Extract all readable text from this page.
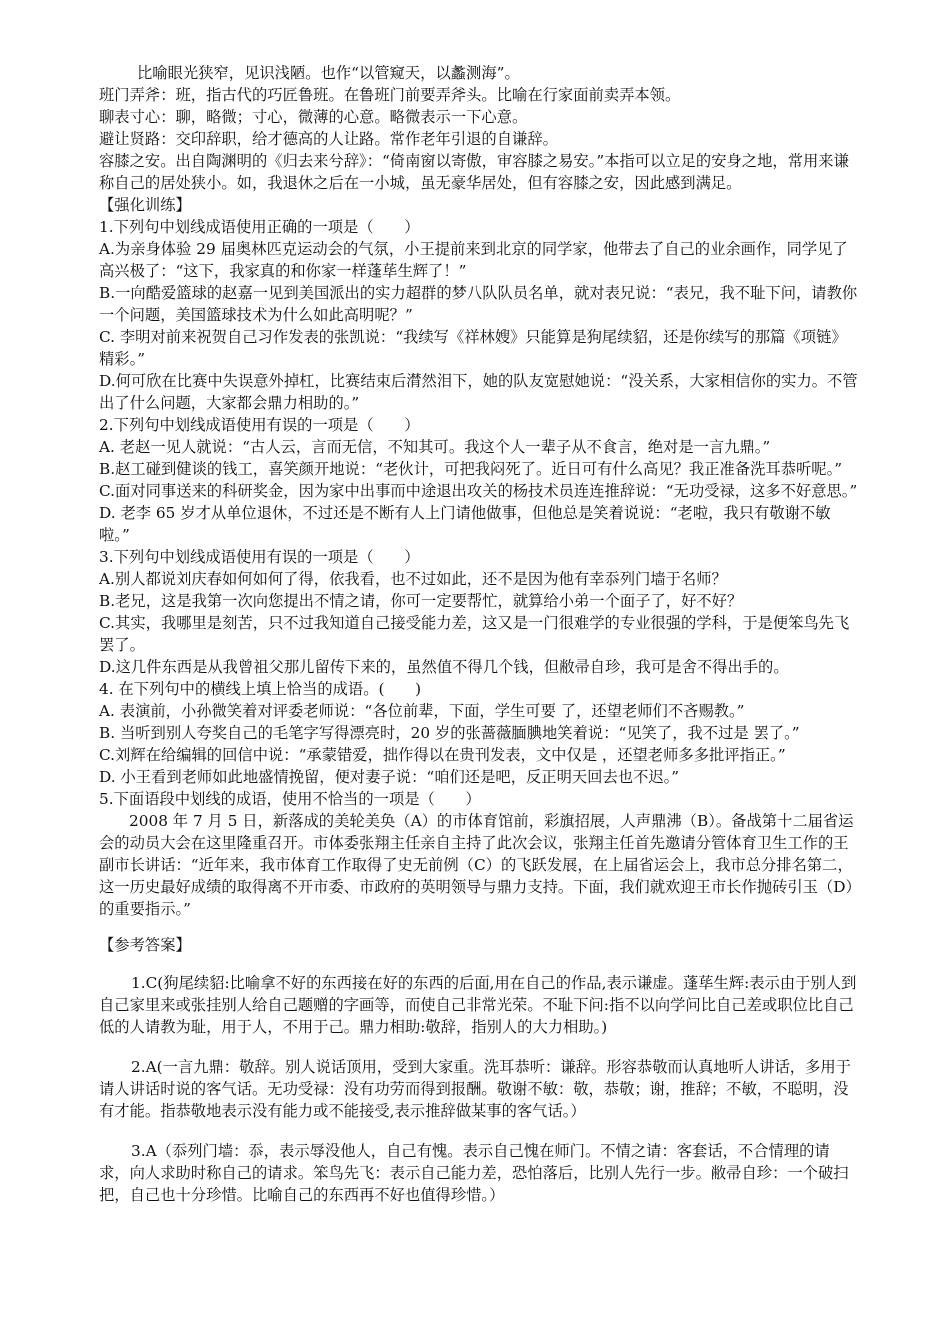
比喻眼光狭窄，见识浅陋。也作“以管窥天，以蠡测海”。

班门弄斧：班，指古代的巧匠鲁班。在鲁班门前要弄斧头。比喻在行家面前卖弄本领。

聊表寸心：聊，略微；寸心，微薄的心意。略微表示一下心意。

避让贤路：交印辞职，给才德高的人让路。常作老年引退的自谦辞。

容膝之安。出自陶渊明的《归去来兮辞》：“倚南窗以寄傲，审容膝之易安。”本指可以立足的安身之地，常用来谦称自己的居处狭小。如，我退休之后在一小城，虽无豪华居处，但有容膝之安，因此感到满足。

【强化训练】

1.下列句中划线成语使用正确的一项是（　　）

A.为亲身体验 29 届奥林匹克运动会的气氛，小王提前来到北京的同学家，他带去了自己的业余画作，同学见了高兴极了：“这下，我家真的和你家一样蓬荜生辉了！”

B.一向酷爱篮球的赵嘉一见到美国派出的实力超群的梦八队队员名单，就对表兄说：“表兄，我不耻下问，请教你一个问题，美国篮球技术为什么如此高明呢？”

C. 李明对前来祝贺自己习作发表的张凯说：“我续写《祥林嫂》只能算是狗尾续貂，还是你续写的那篇《项链》精彩。”

D.何可欣在比赛中失误意外掉杠，比赛结束后潸然泪下，她的队友宽慰她说：“没关系，大家相信你的实力。不管出了什么问题，大家都会鼎力相助的。”

2.下列句中划线成语使用有误的一项是（　　）

A. 老赵一见人就说：“古人云，言而无信，不知其可。我这个人一辈子从不食言，绝对是一言九鼎。”

B.赵工碰到健谈的钱工，喜笑颜开地说：“老伙计，可把我闷死了。近日可有什么高见？我正准备洗耳恭听呢。”

C.面对同事送来的科研奖金，因为家中出事而中途退出攻关的杨技术员连连推辞说：“无功受禄，这多不好意思。”

D. 老李 65 岁才从单位退休，不过还是不断有人上门请他做事，但他总是笑着说说：“老啦，我只有敬谢不敏啦。”

3.下列句中划线成语使用有误的一项是（　　）

A.别人都说刘庆春如何如何了得，依我看，也不过如此，还不是因为他有幸忝列门墙于名师？

B.老兄，这是我第一次向您提出不情之请，你可一定要帮忙，就算给小弟一个面子了，好不好？

C.其实，我哪里是刻苦，只不过我知道自己接受能力差，这又是一门很难学的专业很强的学科，于是便笨鸟先飞罢了。

D.这几件东西是从我曾祖父那儿留传下来的，虽然值不得几个钱，但敝帚自珍，我可是舍不得出手的。

4. 在下列句中的横线上填上恰当的成语。(　　)

A. 表演前，小孙微笑着对评委老师说：“各位前辈，下面，学生可要 了，还望老师们不吝赐教。”

B. 当听到别人夸奖自己的毛笔字写得漂亮时，20 岁的张蔷薇腼腆地笑着说：“见笑了，我不过是 罢了。”

C.刘辉在给编辑的回信中说：“承蒙错爱，拙作得以在贵刊发表，文中仅是 ，还望老师多多批评指正。”

D. 小王看到老师如此地盛情挽留，便对妻子说：“咱们还是吧，反正明天回去也不迟。”

5.下面语段中划线的成语，使用不恰当的一项是（　　）

2008 年 7 月 5 日，新落成的美轮美奂（A）的市体育馆前，彩旗招展，人声鼎沸（B）。备战第十二届省运会的动员大会在这里隆重召开。市体委张翔主任亲自主持了此次会议，张翔主任首先邀请分管体育卫生工作的王副市长讲话：“近年来，我市体育工作取得了史无前例（C）的飞跃发展，在上届省运会上，我市总分排名第二，这一历史最好成绩的取得离不开市委、市政府的英明领导与鼎力支持。下面，我们就欢迎王市长作抛砖引玉（D）的重要指示。”

【参考答案】

1.C(狗尾续貂:比喻拿不好的东西接在好的东西的后面,用在自己的作品,表示谦虚。蓬荜生辉:表示由于别人到自己家里来或张挂别人给自己题赠的字画等，而使自己非常光荣。不耻下问:指不以向学问比自己差或职位比自己低的人请教为耻，用于人，不用于己。鼎力相助:敬辞，指别人的大力相助。)

2.A(一言九鼎：敬辞。别人说话顶用，受到大家重。洗耳恭听：谦辞。形容恭敬而认真地听人讲话，多用于请人讲话时说的客气话。无功受禄：没有功劳而得到报酬。敬谢不敏：敬，恭敬；谢，推辞；不敏，不聪明，没有才能。指恭敬地表示没有能力或不能接受,表示推辞做某事的客气话。）

3.A（忝列门墙：忝，表示辱没他人，自己有愧。表示自己愧在师门。不情之请：客套话，不合情理的请求，向人求助时称自己的请求。笨鸟先飞：表示自己能力差，恐怕落后，比别人先行一步。敝帚自珍：一个破扫把，自己也十分珍惜。比喻自己的东西再不好也值得珍惜。）
